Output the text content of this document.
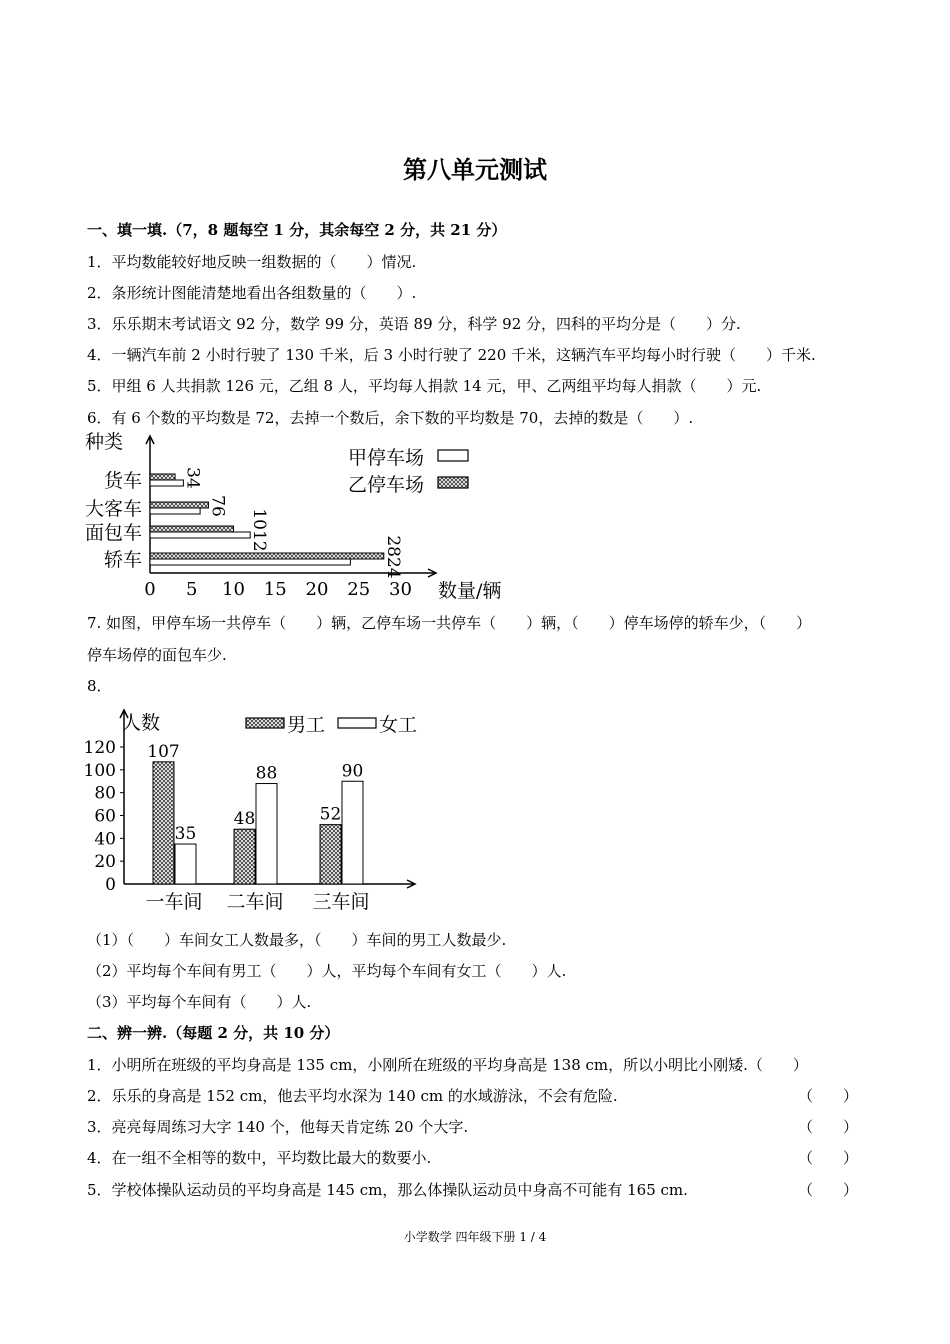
第八单元测试
一、填一填.（7，8 题每空 1 分，其余每空 2 分，共 21 分）
1．平均数能较好地反映一组数据的（　　）情况.
2．条形统计图能清楚地看出各组数量的（　　）.
3．乐乐期末考试语文 92 分，数学 99 分，英语 89 分，科学 92 分，四科的平均分是（　　）分.
4．一辆汽车前 2 小时行驶了 130 千米，后 3 小时行驶了 220 千米，这辆汽车平均每小时行驶（　　）千米.
5．甲组 6 人共捐款 126 元，乙组 8 人，平均每人捐款 14 元，甲、乙两组平均每人捐款（　　）元.
6．有 6 个数的平均数是 72，去掉一个数后，余下数的平均数是 70，去掉的数是（　　）.
种类
数量/辆
0 5 10 15 20 25 30
货车 34
大客车	76
面包车	1012
轿车	2824
甲停车场
乙停车场
7. 如图，甲停车场一共停车（　　）辆，乙停车场一共停车（　　）辆，（　　）停车场停的轿车少，（　　）
停车场停的面包车少.
8．
人数
0
20
40
60
80
100
120 107
35
一车间
48
88
二车间
52
90
三车间
男工	女工
（1）（　　）车间女工人数最多，（　　）车间的男工人数最少.
（2）平均每个车间有男工（　　）人，平均每个车间有女工（　　）人.
（3）平均每个车间有（　　）人.
二、辨一辨.（每题 2 分，共 10 分）
1．小明所在班级的平均身高是 135 cm，小刚所在班级的平均身高是 138 cm，所以小明比小刚矮.（　　）
2．乐乐的身高是 152 cm，他去平均水深为 140 cm 的水域游泳，不会有危险.	（　　）
3．亮亮每周练习大字 140 个，他每天肯定练 20 个大字.	（　　）
4．在一组不全相等的数中，平均数比最大的数要小.	（　　）
5．学校体操队运动员的平均身高是 145 cm，那么体操队运动员中身高不可能有 165 cm.	（　　）
小学数学 四年级下册 1 / 4
